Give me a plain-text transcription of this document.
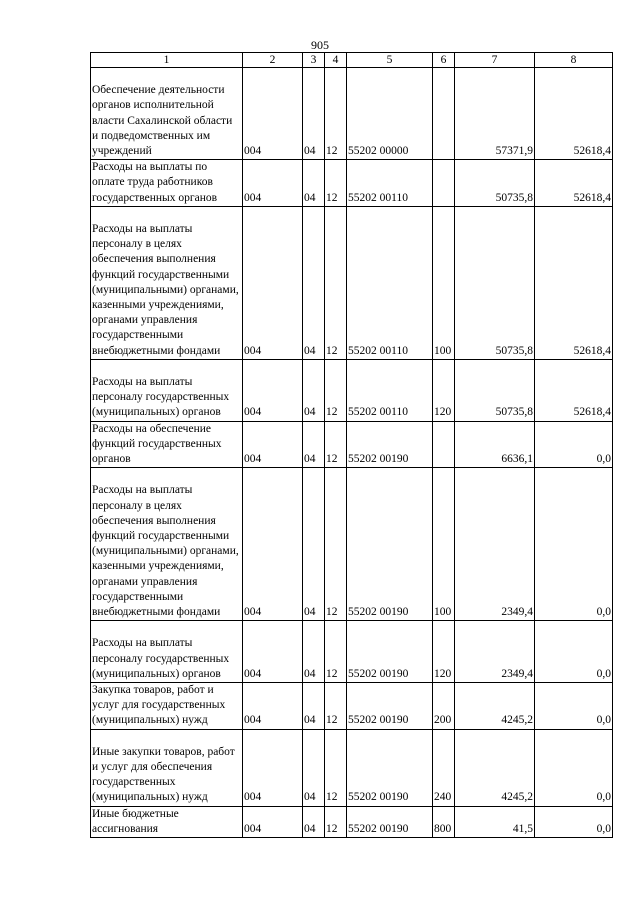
905
1	2	3	4	5	6	7	8
Обеспечение деятельности органов исполнительной власти Сахалинской области и подведомственных им учреждений	004	04	12	55202 00000		57371,9	52618,4
Расходы на выплаты по оплате труда работников государственных органов	004	04	12	55202 00110		50735,8	52618,4
Расходы на выплаты персоналу в целях обеспечения выполнения функций государственными (муниципальными) органами, казенными учреждениями, органами управления государственными внебюджетными фондами	004	04	12	55202 00110	100	50735,8	52618,4
Расходы на выплаты персоналу государственных (муниципальных) органов	004	04	12	55202 00110	120	50735,8	52618,4
Расходы на обеспечение функций государственных органов	004	04	12	55202 00190		6636,1	0,0
Расходы на выплаты персоналу в целях обеспечения выполнения функций государственными (муниципальными) органами, казенными учреждениями, органами управления государственными внебюджетными фондами	004	04	12	55202 00190	100	2349,4	0,0
Расходы на выплаты персоналу государственных (муниципальных) органов	004	04	12	55202 00190	120	2349,4	0,0
Закупка товаров, работ и услуг для государственных (муниципальных) нужд	004	04	12	55202 00190	200	4245,2	0,0
Иные закупки товаров, работ и услуг для обеспечения государственных (муниципальных) нужд	004	04	12	55202 00190	240	4245,2	0,0
Иные бюджетные ассигнования	004	04	12	55202 00190	800	41,5	0,0
